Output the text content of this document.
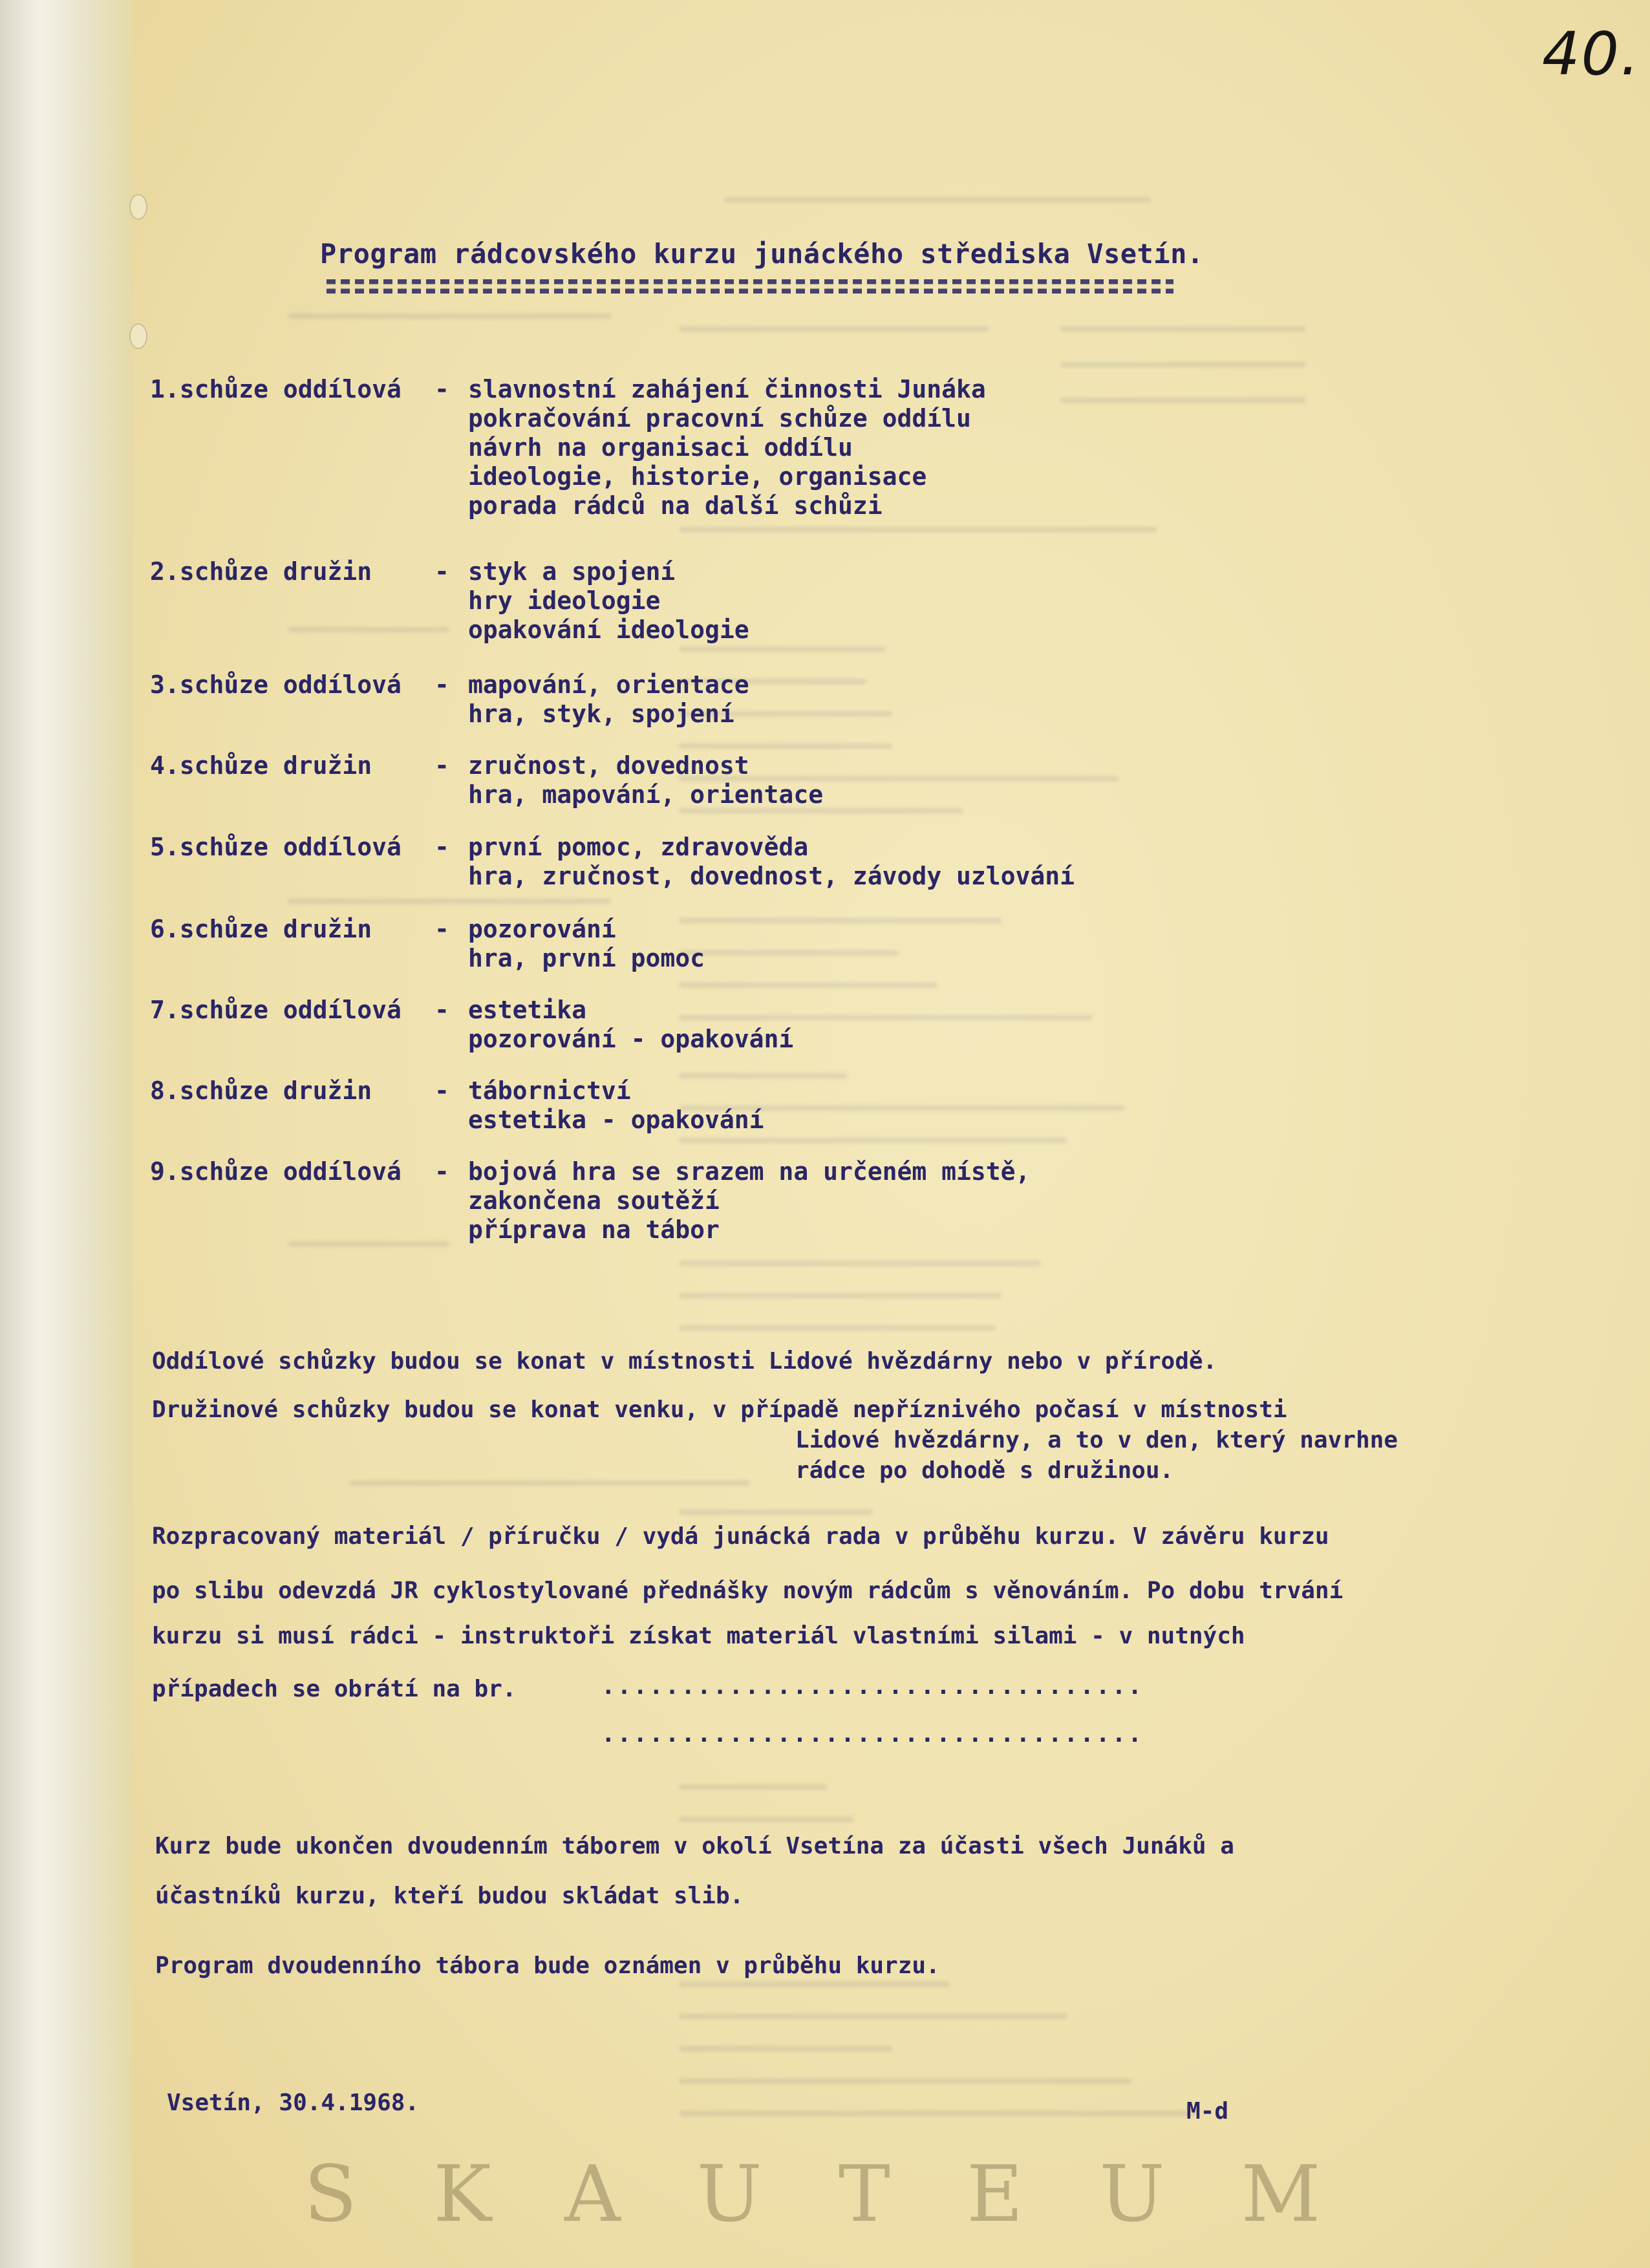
40.
Program rádcovského kurzu junáckého střediska Vsetín.
1.schůze oddílová - slavnostní zahájení činnosti Junáka
pokračování pracovní schůze oddílu
návrh na organisaci oddílu
ideologie, historie, organisace
porada rádců na další schůzi
2.schůze družin	- styk a spojení
hry ideologie
opakování ideologie
3.schůze oddílová - mapování, orientace
hra, styk, spojení
4.schůze družin	- zručnost, dovednost
hra, mapování, orientace
5.schůze oddílová - první pomoc, zdravověda
hra, zručnost, dovednost, závody uzlování
6.schůze družin	- pozorování
hra, první pomoc
7.schůze oddílová - estetika
pozorování - opakování
8.schůze družin	- tábornictví
estetika - opakování
9.schůze oddílová - bojová hra se srazem na určeném místě,
zakončena soutěží
příprava na tábor
Oddílové schůzky budou se konat v místnosti Lidové hvězdárny nebo v přírodě.
Družinové schůzky budou se konat venku, v případě nepříznivého počasí v místnosti
Lidové hvězdárny, a to v den, který navrhne
rádce po dohodě s družinou.
Rozpracovaný materiál / příručku / vydá junácká rada v průběhu kurzu. V závěru kurzu
po slibu odevzdá JR cyklostylované přednášky novým rádcům s věnováním. Po dobu trvání
kurzu si musí rádci - instruktoři získat materiál vlastními silami - v nutných
případech se obrátí na br.	..................................
..................................
Kurz bude ukončen dvoudenním táborem v okolí Vsetína za účasti všech Junáků a
účastníků kurzu, kteří budou skládat slib.
Program dvoudenního tábora bude oznámen v průběhu kurzu.
Vsetín, 30.4.1968.	M-d
SKAUTEUM
